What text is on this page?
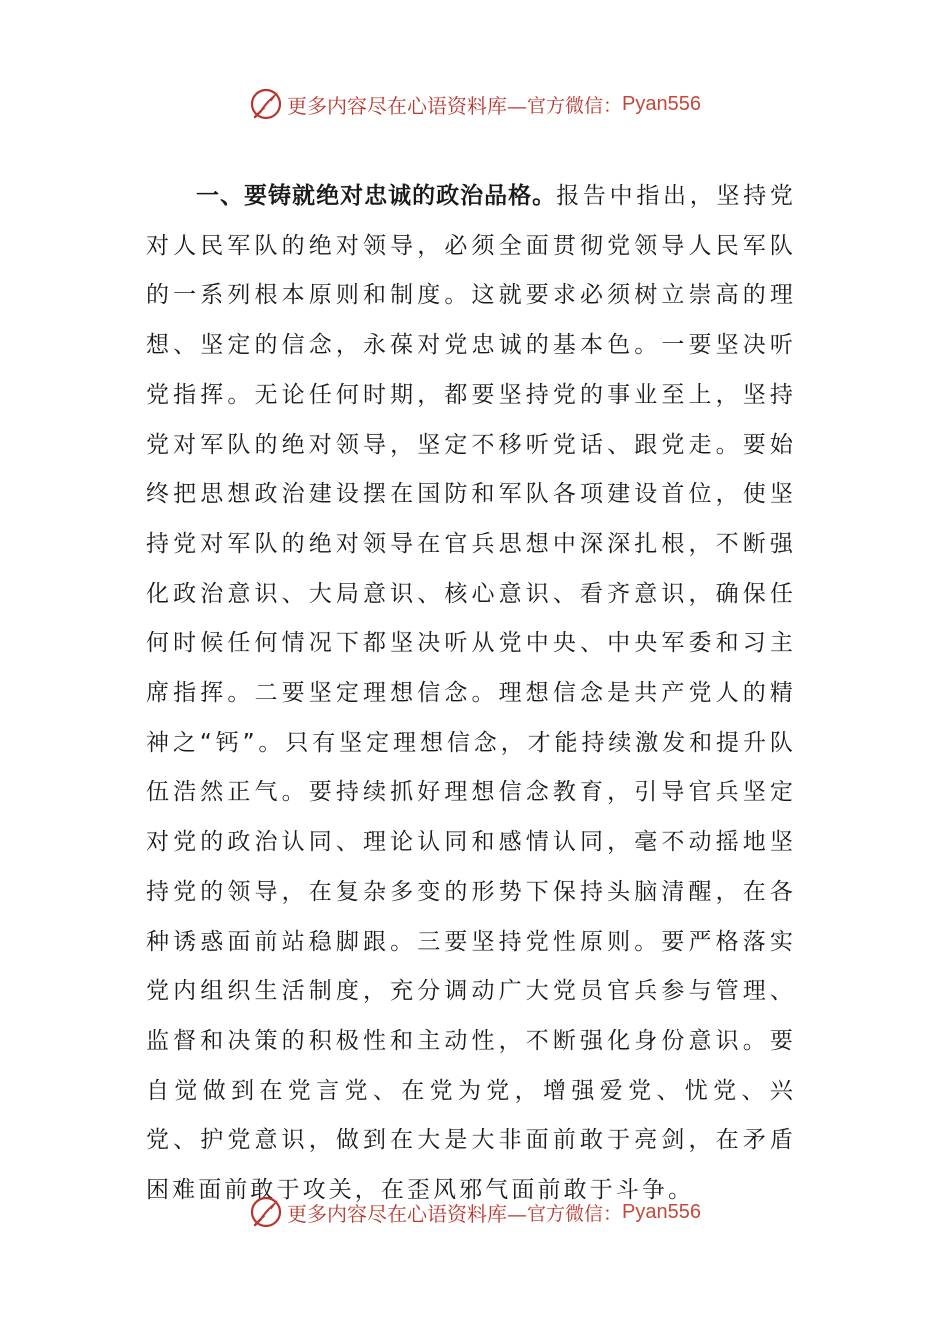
更多内容尽在心语资料库— 官方微信： Pyan556

一、要铸就绝对忠诚的政治品格。报告中指出，坚持党对人民军队的绝对领导，必须全面贯彻党领导人民军队的一系列根本原则和制度。这就要求必须树立崇高的理想、坚定的信念，永葆对党忠诚的基本色。一要坚决听党指挥。无论任何时期，都要坚持党的事业至上，坚持党对军队的绝对领导，坚定不移听党话、跟党走。要始终把思想政治建设摆在国防和军队各项建设首位，使坚持党对军队的绝对领导在官兵思想中深深扎根，不断强化政治意识、大局意识、核心意识、看齐意识，确保任何时候任何情况下都坚决听从党中央、中央军委和习主席指挥。二要坚定理想信念。理想信念是共产党人的精神之“钙”。只有坚定理想信念，才能持续激发和提升队伍浩然正气。要持续抓好理想信念教育，引导官兵坚定对党的政治认同、理论认同和感情认同，毫不动摇地坚持党的领导，在复杂多变的形势下保持头脑清醒，在各种诱惑面前站稳脚跟。三要坚持党性原则。要严格落实党内组织生活制度，充分调动广大党员官兵参与管理、监督和决策的积极性和主动性，不断强化身份意识。要自觉做到在党言党、在党为党，增强爱党、忧党、兴党、护党意识，做到在大是大非面前敢于亮剑，在矛盾困难面前敢于攻关，在歪风邪气面前敢于斗争。

更多内容尽在心语资料库— 官方微信： Pyan556
